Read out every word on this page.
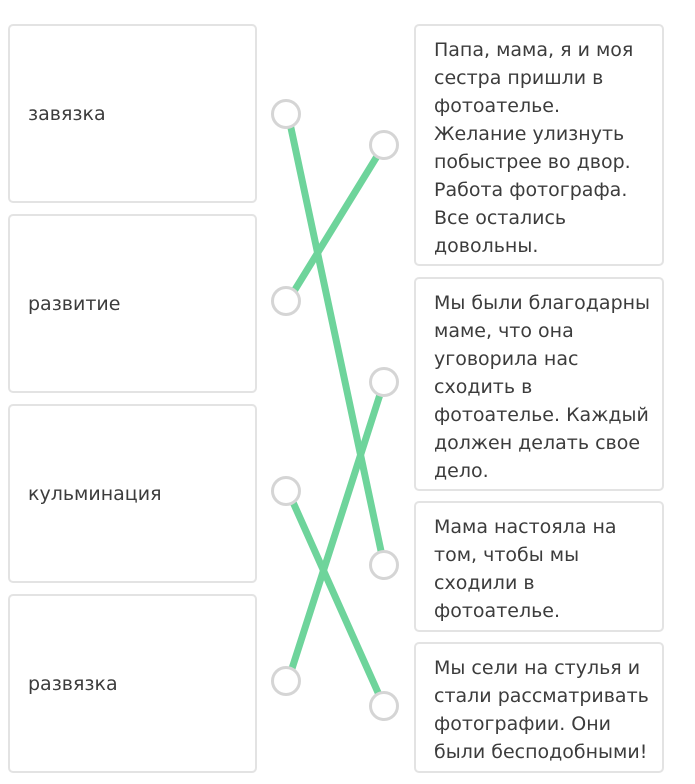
завязка
развитие
кульминация
развязка
Папа, мама, я и моя сестра пришли в фотоателье. Желание улизнуть побыстрее во двор. Работа фотографа. Все остались довольны.
Мы были благодарны маме, что она уговорила нас сходить в фотоателье. Каждый должен делать свое дело.
Мама настояла на том, чтобы мы сходили в фотоателье.
Мы сели на стулья и стали рассматривать фотографии. Они были бесподобными!
